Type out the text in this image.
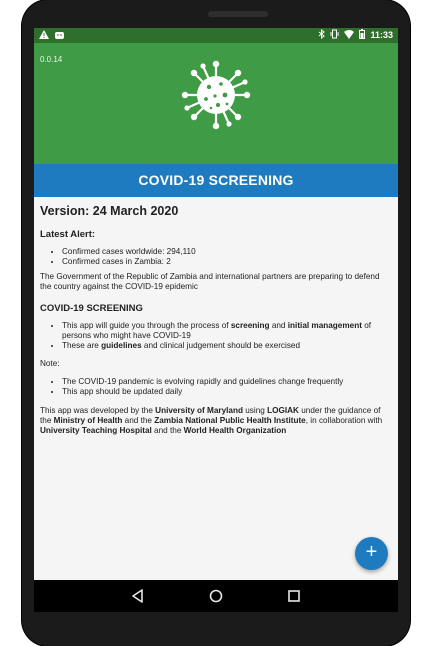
11:33
0.0.14
COVID-19 SCREENING
Version: 24 March 2020
Latest Alert:
• Confirmed cases worldwide: 294,110
• Confirmed cases in Zambia: 2

The Government of the Republic of Zambia and international partners are preparing to defend the country against the COVID-19 epidemic

COVID-19 SCREENING
• This app will guide you through the process of screening and initial management of persons who might have COVID-19
• These are guidelines and clinical judgement should be exercised

Note:

• The COVID-19 pandemic is evolving rapidly and guidelines change frequently
• This app should be updated daily

This app was developed by the University of Maryland using LOGIAK under the guidance of the Ministry of Health and the Zambia National Public Health Institute, in collaboration with University Teaching Hospital and the World Health Organization

+
